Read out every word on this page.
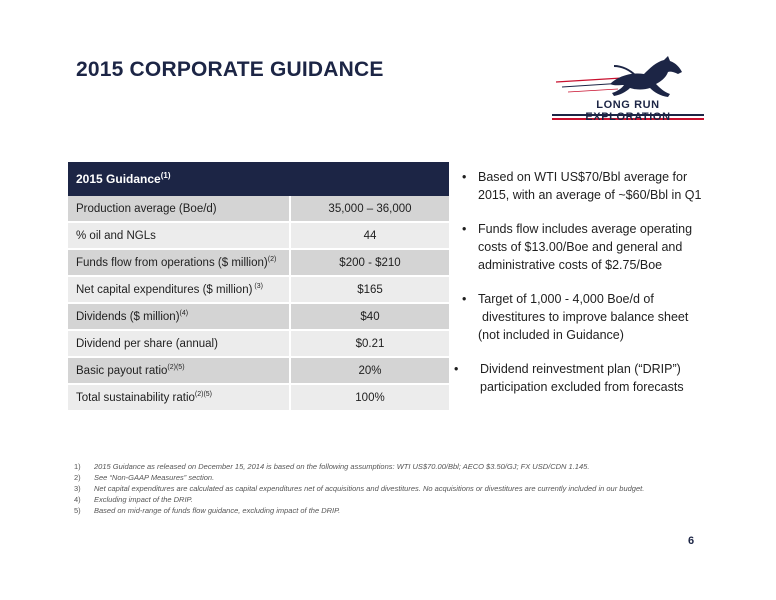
2015 CORPORATE GUIDANCE
LONG RUN EXPLORATION
2015 Guidance$^{(1)}$
Production average (Boe/d)	35,000 – 36,000
% oil and NGLs	44
Funds flow from operations ($ million)$^{(2)}$	$200 - $210
Net capital expenditures ($ million) $^{(3)}$	$165
Dividends ($ million)$^{(4)}$	$40
Dividend per share (annual)	$0.21
Basic payout ratio$^{(2)(5)}$	20%
Total sustainability ratio$^{(2)(5)}$	100%
• Based on WTI US$70/Bbl average for
2015, with an average of ~$60/Bbl in Q1
• Funds flow includes average operating
costs of $13.00/Boe and general and
administrative costs of $2.75/Boe
• Target of 1,000 - 4,000 Boe/d of
divestitures to improve balance sheet
(not included in Guidance)
• Dividend reinvestment plan (“DRIP”)
participation excluded from forecasts
1) 2015 Guidance as released on December 15, 2014 is based on the following assumptions: WTI US$70.00/Bbl; AECO $3.50/GJ; FX USD/CDN 1.145.
2) See “Non-GAAP Measures” section.
3) Net capital expenditures are calculated as capital expenditures net of acquisitions and divestitures. No acquisitions or divestitures are currently included in our budget.
4) Excluding impact of the DRIP.
5) Based on mid-range of funds flow guidance, excluding impact of the DRIP.
6
